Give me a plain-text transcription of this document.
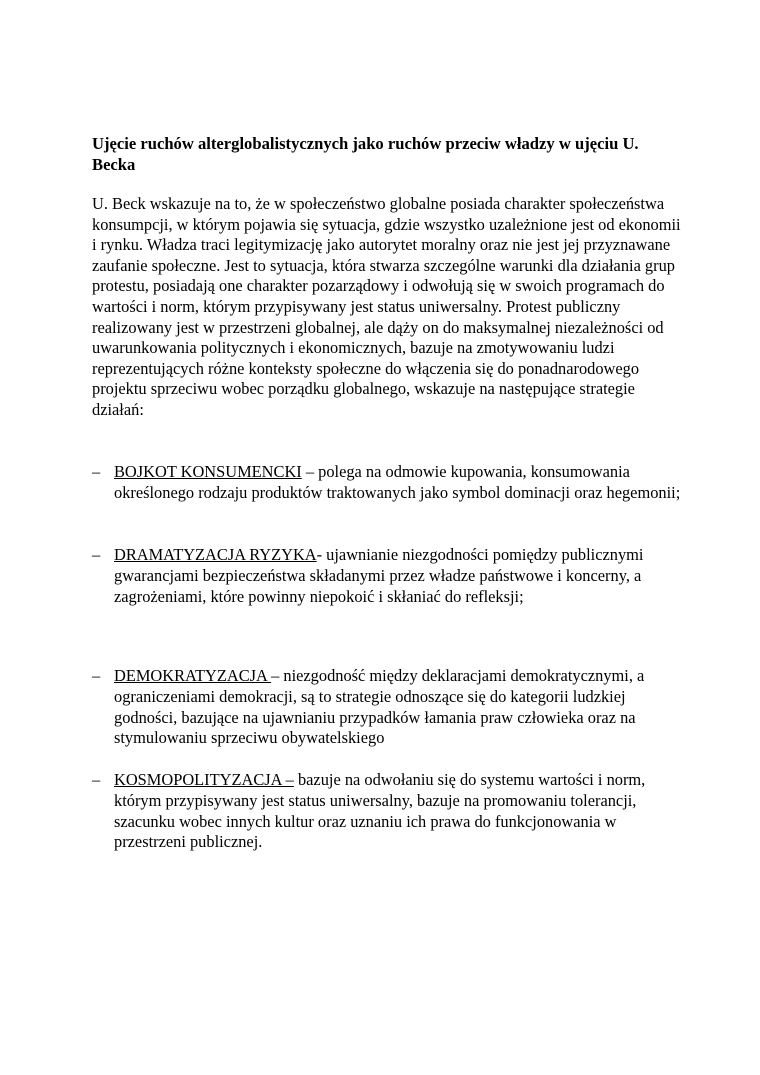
Ujęcie ruchów alterglobalistycznych jako ruchów przeciw władzy w ujęciu U. Becka

U. Beck wskazuje na to, że w społeczeństwo globalne posiada charakter społeczeństwa konsumpcji, w którym pojawia się sytuacja, gdzie wszystko uzależnione jest od ekonomii i rynku. Władza traci legitymizację jako autorytet moralny oraz nie jest jej przyznawane zaufanie społeczne. Jest to sytuacja, która stwarza szczególne warunki dla działania grup protestu, posiadają one charakter pozarządowy i odwołują się w swoich programach do wartości i norm, którym przypisywany jest status uniwersalny. Protest publiczny realizowany jest w przestrzeni globalnej, ale dąży on do maksymalnej niezależności od uwarunkowania politycznych i ekonomicznych, bazuje na zmotywowaniu ludzi reprezentujących różne konteksty społeczne do włączenia się do ponadnarodowego projektu sprzeciwu wobec porządku globalnego, wskazuje na następujące strategie działań:

– BOJKOT KONSUMENCKI – polega na odmowie kupowania, konsumowania określonego rodzaju produktów traktowanych jako symbol dominacji oraz hegemonii;
– DRAMATYZACJA RYZYKA- ujawnianie niezgodności pomiędzy publicznymi gwarancjami bezpieczeństwa składanymi przez władze państwowe i koncerny, a zagrożeniami, które powinny niepokoić i skłaniać do refleksji;
– DEMOKRATYZACJA – niezgodność między deklaracjami demokratycznymi, a ograniczeniami demokracji, są to strategie odnoszące się do kategorii ludzkiej godności, bazujące na ujawnianiu przypadków łamania praw człowieka oraz na stymulowaniu sprzeciwu obywatelskiego
– KOSMOPOLITYZACJA – bazuje na odwołaniu się do systemu wartości i norm, którym przypisywany jest status uniwersalny, bazuje na promowaniu tolerancji, szacunku wobec innych kultur oraz uznaniu ich prawa do funkcjonowania w przestrzeni publicznej.
